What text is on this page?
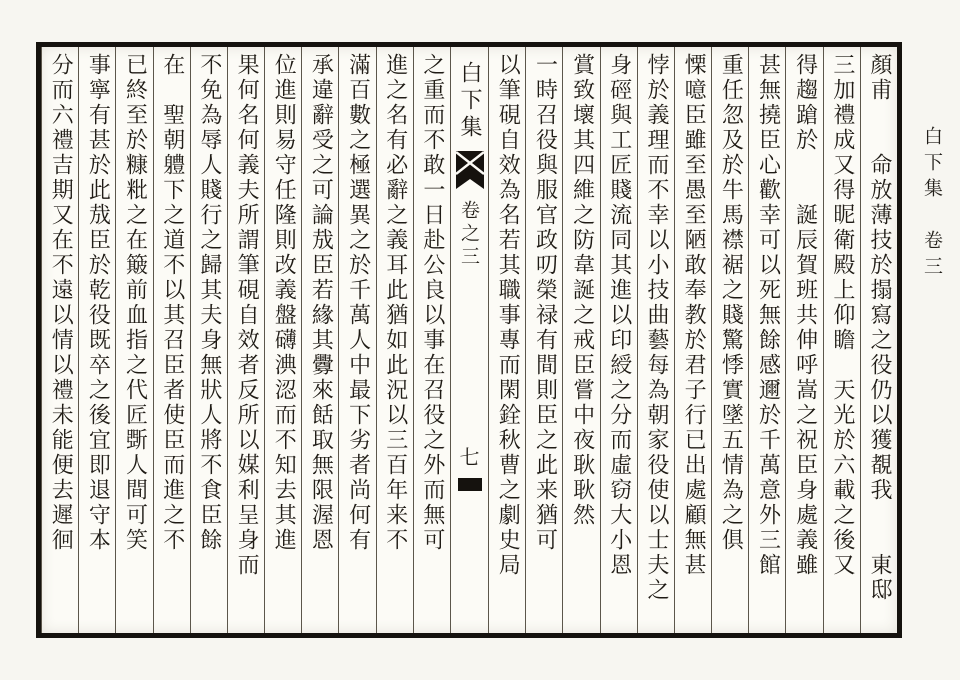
白下集　卷三
顏甫　　命放薄技於搨寫之役仍以獲覩我　　東邸
三加禮成又得昵衛殿上仰瞻　天光於六載之後又
得趨蹌於　　誕辰賀班共伸呼嵩之祝臣身處義雖
甚無撓臣心歡幸可以死無餘感邇於千萬意外三館
重任忽及於牛馬襟裾之賤驚悸實墜五情為之俱
慄噫臣雖至愚至陋敢奉教於君子行已出處顧無甚
悖於義理而不幸以小技曲藝每為朝家役使以士夫之
身硜與工匠賤流同其進以印綬之分而虛窃大小恩
賞致壞其四維之防韋誕之戒臣嘗中夜耿耿然
一時召役與服官政叨榮禄有間則臣之此来猶可
以筆硯自效為名若其職事專而閑銓秋曹之劇史局
白下集
卷之三
七
之重而不敢一日赴公良以事在召役之外而無可
進之名有必辭之義耳此猶如此況以三百年来不
滿百數之極選異之於千萬人中最下劣者尚何有
承違辭受之可論㦲臣若緣其釁來餂取無限渥恩
位進則易守任隆則改義盤礴淟涊而不知去其進
果何名何義夫所謂筆硯自效者反所以媒利呈身而
不免為辱人賤行之歸其夫身無狀人將不食臣餘
在　聖朝軆下之道不以其召臣者使臣而進之不
已終至於糠粃之在簸前血指之代匠斲人間可笑
事寧有甚於此㦲臣於乾役既卒之後宜即退守本
分而六禮吉期又在不遠以情以禮未能便去遲徊
